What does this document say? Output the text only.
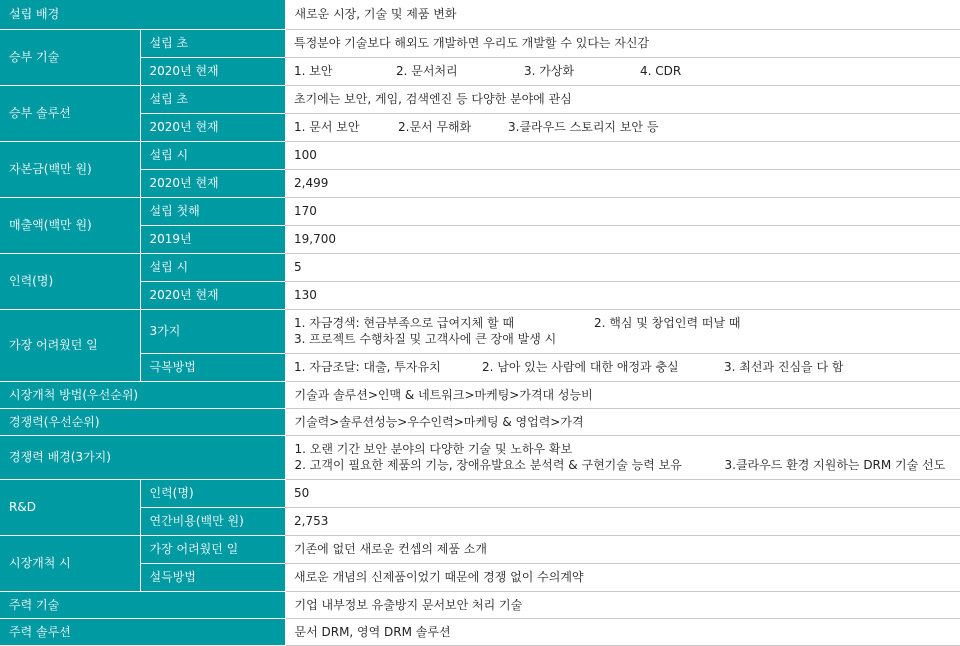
설립 배경		새로운 시장, 기술 및 제품 변화
승부 기술	설립 초	특정분야 기술보다 해외도 개발하면 우리도 개발할 수 있다는 자신감
	2020년 현재	1. 보안 2. 문서처리 3. 가상화 4. CDR
승부 솔루션	설립 초	초기에는 보안, 게임, 검색엔진 등 다양한 분야에 관심
	2020년 현재	1. 문서 보안 2.문서 무해화 3.클라우드 스토리지 보안 등
자본금(백만 원)	설립 시	100
	2020년 현재	2,499
매출액(백만 원)	설립 첫해	170
	2019년	19,700
인력(명)	설립 시	5
	2020년 현재	130
가장 어려웠던 일	3가지	1. 자금경색: 현금부족으로 급여지체 할 때 2. 핵심 및 창업인력 떠날 때
3. 프로젝트 수행차질 및 고객사에 큰 장애 발생 시

	극복방법	1. 자금조달: 대출, 투자유치 2. 남아 있는 사람에 대한 애정과 충실 3. 최선과 진심을 다 함
시장개척 방법(우선순위)		기술과 솔루션>인맥 & 네트워크>마케팅>가격대 성능비
경쟁력(우선순위)		기술력>솔루션성능>우수인력>마케팅 & 영업력>가격
경쟁력 배경(3가지)		1. 오랜 기간 보안 분야의 다양한 기술 및 노하우 확보
2. 고객이 필요한 제품의 기능, 장애유발요소 분석력 & 구현기술 능력 보유 3.클라우드 환경 지원하는 DRM 기술 선도

R&D	인력(명)	50
	연간비용(백만 원)	2,753
시장개척 시	가장 어려웠던 일	기존에 없던 새로운 컨셉의 제품 소개
	설득방법	새로운 개념의 신제품이었기 때문에 경쟁 없이 수의계약
주력 기술		기업 내부정보 유출방지 문서보안 처리 기술
주력 솔루션		문서 DRM, 영역 DRM 솔루션
